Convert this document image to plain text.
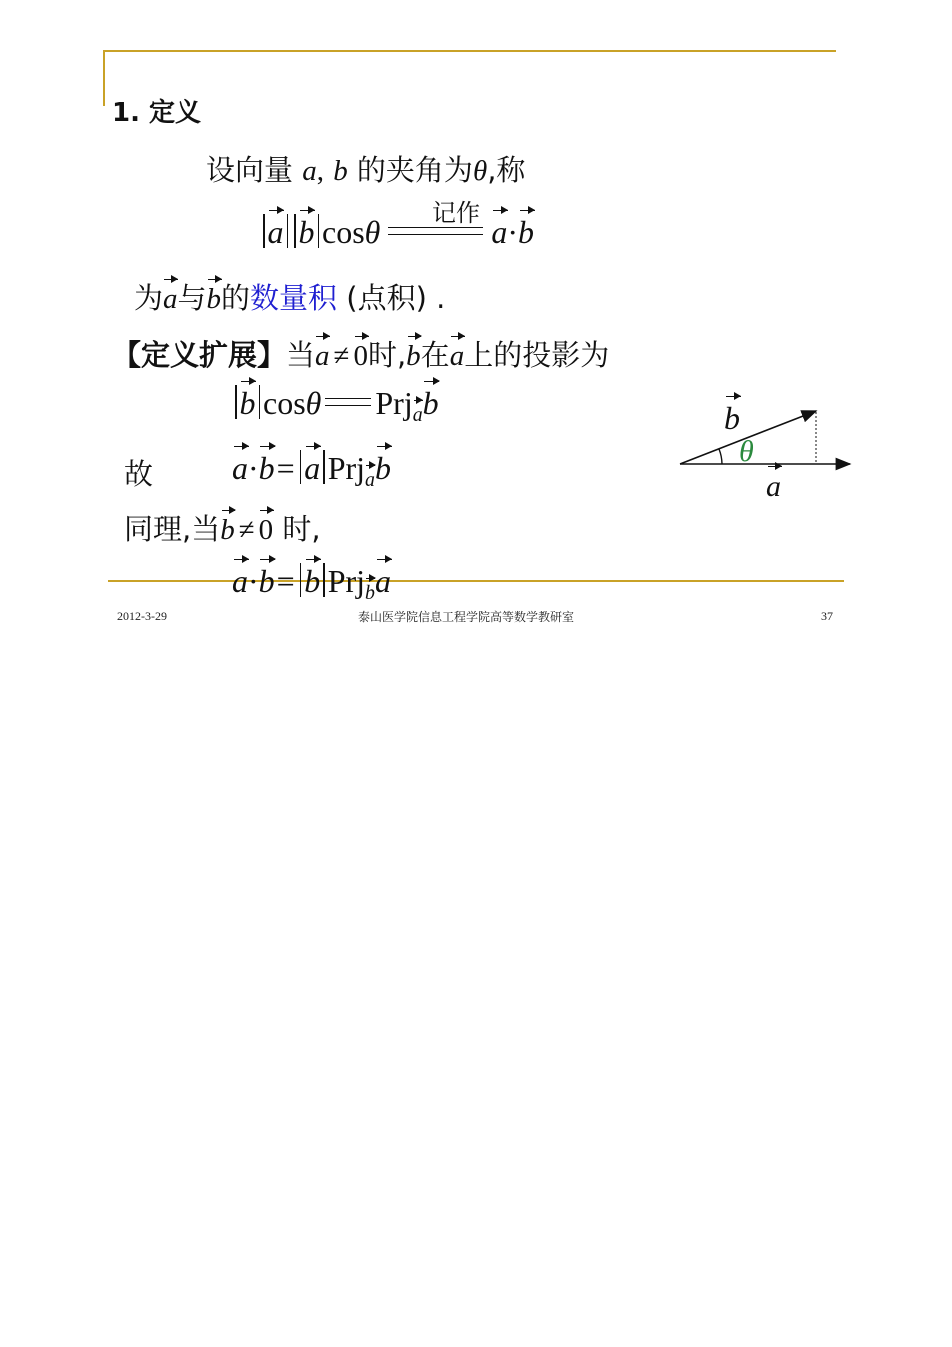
1. 定义
设向量 a, b 的夹角为θ,称
记作
a b cosθ	a·b
为a与b的数量积 (点积) .
【定义扩展】当a ≠ 0时,b在a上的投影为
b cosθ Prjab
故 a·b= a Prjab
同理,当b ≠ 0 时,
a·b= b Prjba
b
θ
a
2012-3-29	泰山医学院信息工程学院高等数学教研室	37
